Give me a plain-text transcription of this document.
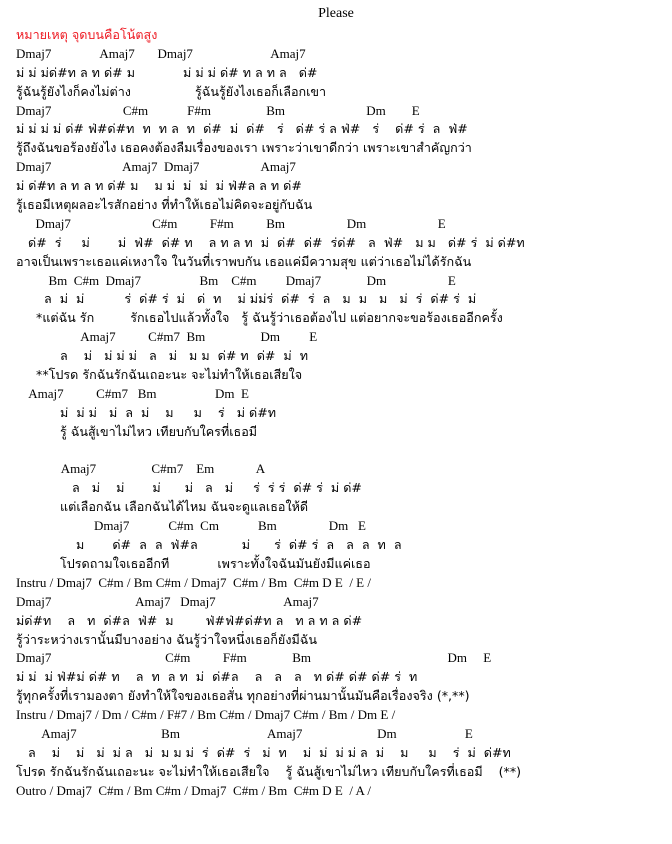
Please
หมายเหตุ จุดบนคือโน้ตสูง
Dmaj7               Amaj7       Dmaj7                        Amaj7
ม่ ม่ ม่ด่#ท ล ท ด่# ม            ม่ ม่ ม่ ด่# ท ล ท ล   ด่#
รู้ฉันรู้ยังไงก็คงไม่ต่าง                รู้ฉันรู้ยังไงเธอก็เลือกเขา
Dmaj7                      C#m            F#m                 Bm                         Dm        E
ม่ ม่ ม่ ม่ ด่# ฟ่#ด่#ท  ท  ท ล  ท  ด่#  ม่  ด่#   ร่   ด่# ร่ ล ฟ่#   ร่    ด่# ร่  ล  ฟ่#
รู้ถึงฉันขอร้องยังไง เธอคงต้องลืมเรื่องของเรา เพราะว่าเขาดีกว่า เพราะเขาสำคัญกว่า
Dmaj7                      Amaj7  Dmaj7                   Amaj7
ม่ ด่#ท ล ท ล ท ด่# ม    ม ม่  ม่  ม่  ม่ ฟ่#ล ล ท ด่#
รู้เธอมีเหตุผลอะไรสักอย่าง ที่ทำให้เธอไม่คิดจะอยู่กับฉัน
Dmaj7                         C#m          F#m          Bm                   Dm                      E
ด่#  ร่     ม่       ม่  ฟ่#  ด่# ท    ล ท ล ท  ม่  ด่#  ด่#  ร่ด่#   ล  ฟ่#   ม ม   ด่# ร่  ม่ ด่#ท
อาจเป็นเพราะเธอแค่เหงาใจ ในวันที่เราพบกัน เธอแค่มีความสุข แต่ว่าเธอไม่ได้รักฉัน
Bm  C#m  Dmaj7                  Bm    C#m         Dmaj7              Dm                   E
ล  ม่  ม่          ร่  ด่# ร่  ม่   ด่  ท    ม่ ม่ม่ร่  ด่#  ร่  ล   ม  ม   ม   ม่  ร่  ด่# ร่  ม่
*แต่ฉัน รัก         รักเธอไปแล้วทั้งใจ   รู้ ฉันรู้ว่าเธอต้องไป แต่อยากจะขอร้องเธออีกครั้ง
Amaj7          C#m7  Bm                 Dm         E
ล    ม่   ม่ ม่ ม่   ล   ม่   ม ม  ด่# ท  ด่#  ม่  ท
**โปรด รักฉันรักฉันเถอะนะ จะไม่ทำให้เธอเสียใจ
Amaj7          C#m7   Bm                  Dm  E
ม่  ม่ ม่   ม่  ล  ม่    ม     ม    ร่   ม่ ด่#ท
รู้ ฉันสู้เขาไม่ไหว เทียบกับใครที่เธอมี
Amaj7                 C#m7    Em             A
ล   ม่    ม่       ม่      ม่   ล   ม่     ร่  ร่ ร่  ด่# ร่  ม่ ด่#
แต่เลือกฉัน เลือกฉันได้ไหม ฉันจะดูแลเธอให้ดี
Dmaj7            C#m  Cm            Bm                Dm   E
ม       ด่#  ล  ล  ฟ่#ล           ม่      ร่  ด่# ร่  ล   ล  ล  ท  ล
โปรดถามใจเธออีกที            เพราะทั้งใจฉันมันยังมีแค่เธอ
Instru / Dmaj7  C#m / Bm C#m / Dmaj7  C#m / Bm  C#m D E  / E /
Dmaj7                          Amaj7   Dmaj7                     Amaj7
ม่ด่#ท    ล   ท  ด่#ล  ฟ่#  ม        ฟ่#ฟ่#ด่#ท ล   ท ล ท ล ด่#
รู้ว่าระหว่างเรานั้นมีบางอย่าง ฉันรู้ว่าใจหนึ่งเธอก็ยังมีฉัน
Dmaj7                                   C#m          F#m              Bm                                          Dm     E
ม่ ม่  ม่ ฟ่#ม่ ด่# ท    ล  ท  ล ท  ม่  ด่#ล    ล   ล   ล   ท ด่# ด่# ด่# ร่  ท
รู้ทุกครั้งที่เรามองตา ยังทำให้ใจของเธอสั่น ทุกอย่างที่ผ่านมานั้นมันคือเรื่องจริง (*,**)
Instru / Dmaj7 / Dm / C#m / F#7 / Bm C#m / Dmaj7 C#m / Bm / Dm E /
Amaj7                          Bm                           Amaj7                       Dm                     E
ล    ม่    ม่   ม่  ม่ ล   ม่  ม ม ม่  ร่  ด่#  ร่   ม่  ท    ม่  ม่  ม่ ม่ ล  ม่    ม     ม    ร่  ม่  ด่#ท
โปรด รักฉันรักฉันเถอะนะ จะไม่ทำให้เธอเสียใจ    รู้ ฉันสู้เขาไม่ไหว เทียบกับใครที่เธอมี    (**)
Outro / Dmaj7  C#m / Bm C#m / Dmaj7  C#m / Bm  C#m D E  / A /
